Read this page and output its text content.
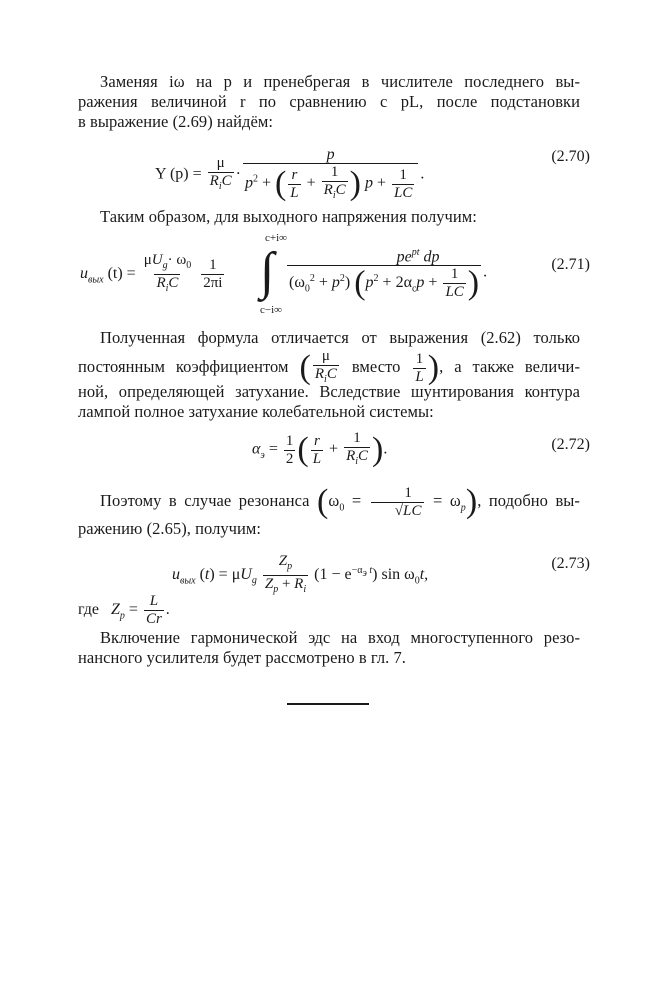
Заменяя iω на p и пренебрегая в числителе последнего вы-
ражения величиной r по сравнению с pL, после подстановки
в выражение (2.69) найдём:
Y $(p) = \frac{\mu}{R_iC} \cdot \frac{p}{p^2 + ( \frac{r}{L} + \frac{1}{R_iC} ) p + \frac{1}{LC}}$ .
(2.70)
Таким образом, для выходного напряжения получим:
$u_{вых}$ $(t) = \frac{\mu U_g\cdot \omega_0}{R_iC}$
$\frac{1}{2\pi i}$
c+i∞
∫
c−i∞
$\frac{pe^{pt} dp}{(\omega_0^2 + p^2) (p^2 + 2\alpha_cp + \frac{1}{LC} )}$ .	(2.71)
Полученная формула отличается от выражения (2.62) только
постоянным коэффициентом ( $\frac{\mu}{R_iC}$ вместо $\frac{1}{L}$ ), а также величи-
ной, определяющей затухание. Вследствие шунтирования контура
лампой полное затухание колебательной системы:
$\alpha_э = \frac{1}{2}$ ( $\frac{r}{L} + \frac{1}{R_iC}$ ).	(2.72)
Поэтому в случае резонанса $(\omega_0 = \frac{1}{√LC} = \omega_p)$, подобно вы-
ражению (2.65), получим:
$u_{вых}$ $(t) = \mu U_g \frac{Z_p}{Z_p + R_i} (1 - e^{-\alpha_э t})$ $\sin \omega_0t$,
(2.73)
где $Z_p = \frac{L}{Cr}$ .
Включение гармонической эдс на вход многоступенного резо-
нансного усилителя будет рассмотрено в гл. 7.
